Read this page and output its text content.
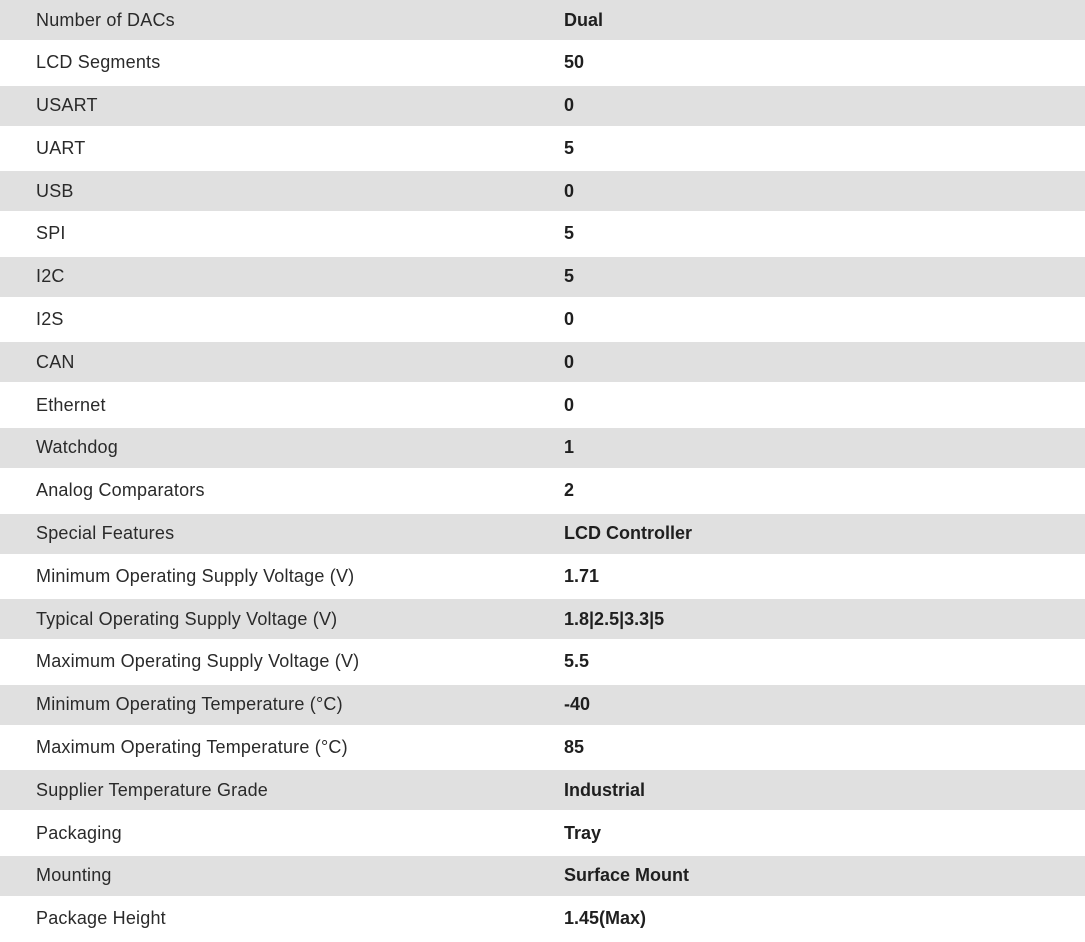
Number of DACs	Dual
LCD Segments	50
USART	0
UART	5
USB	0
SPI	5
I2C	5
I2S	0
CAN	0
Ethernet	0
Watchdog	1
Analog Comparators	2
Special Features	LCD Controller
Minimum Operating Supply Voltage (V)	1.71
Typical Operating Supply Voltage (V)	1.8|2.5|3.3|5
Maximum Operating Supply Voltage (V)	5.5
Minimum Operating Temperature (°C)	-40
Maximum Operating Temperature (°C)	85
Supplier Temperature Grade	Industrial
Packaging	Tray
Mounting	Surface Mount
Package Height	1.45(Max)
